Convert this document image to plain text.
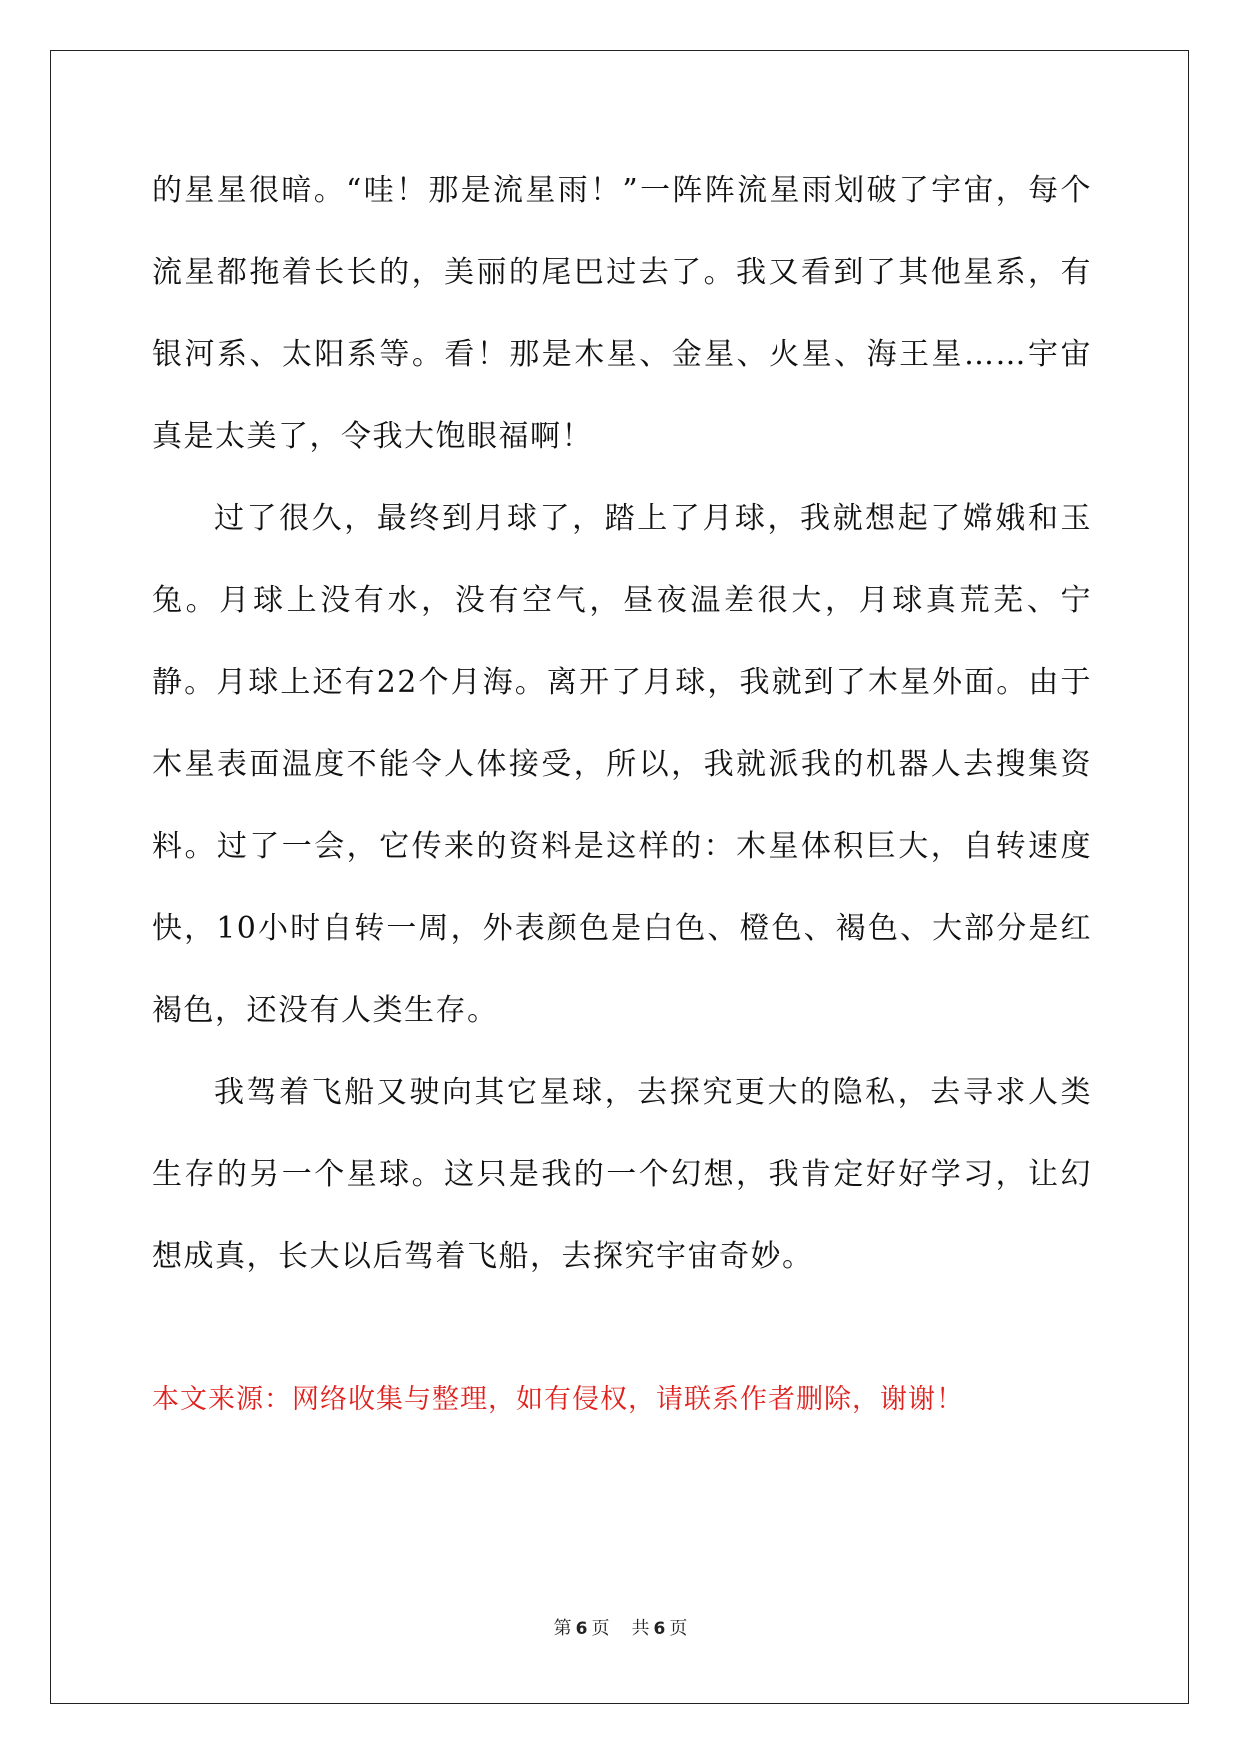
的星星很暗。“哇！那是流星雨！”一阵阵流星雨划破了宇宙，每个流星都拖着长长的，美丽的尾巴过去了。我又看到了其他星系，有银河系、太阳系等。看！那是木星、金星、火星、海王星……宇宙真是太美了，令我大饱眼福啊！

过了很久，最终到月球了，踏上了月球，我就想起了嫦娥和玉兔。月球上没有水，没有空气，昼夜温差很大，月球真荒芜、宁静。月球上还有22个月海。离开了月球，我就到了木星外面。由于木星表面温度不能令人体接受，所以，我就派我的机器人去搜集资料。过了一会，它传来的资料是这样的：木星体积巨大，自转速度快，10小时自转一周，外表颜色是白色、橙色、褐色、大部分是红褐色，还没有人类生存。

我驾着飞船又驶向其它星球，去探究更大的隐私，去寻求人类生存的另一个星球。这只是我的一个幻想，我肯定好好学习，让幻想成真，长大以后驾着飞船，去探究宇宙奇妙。

本文来源：网络收集与整理，如有侵权，请联系作者删除，谢谢！
第 6 页 共 6 页
